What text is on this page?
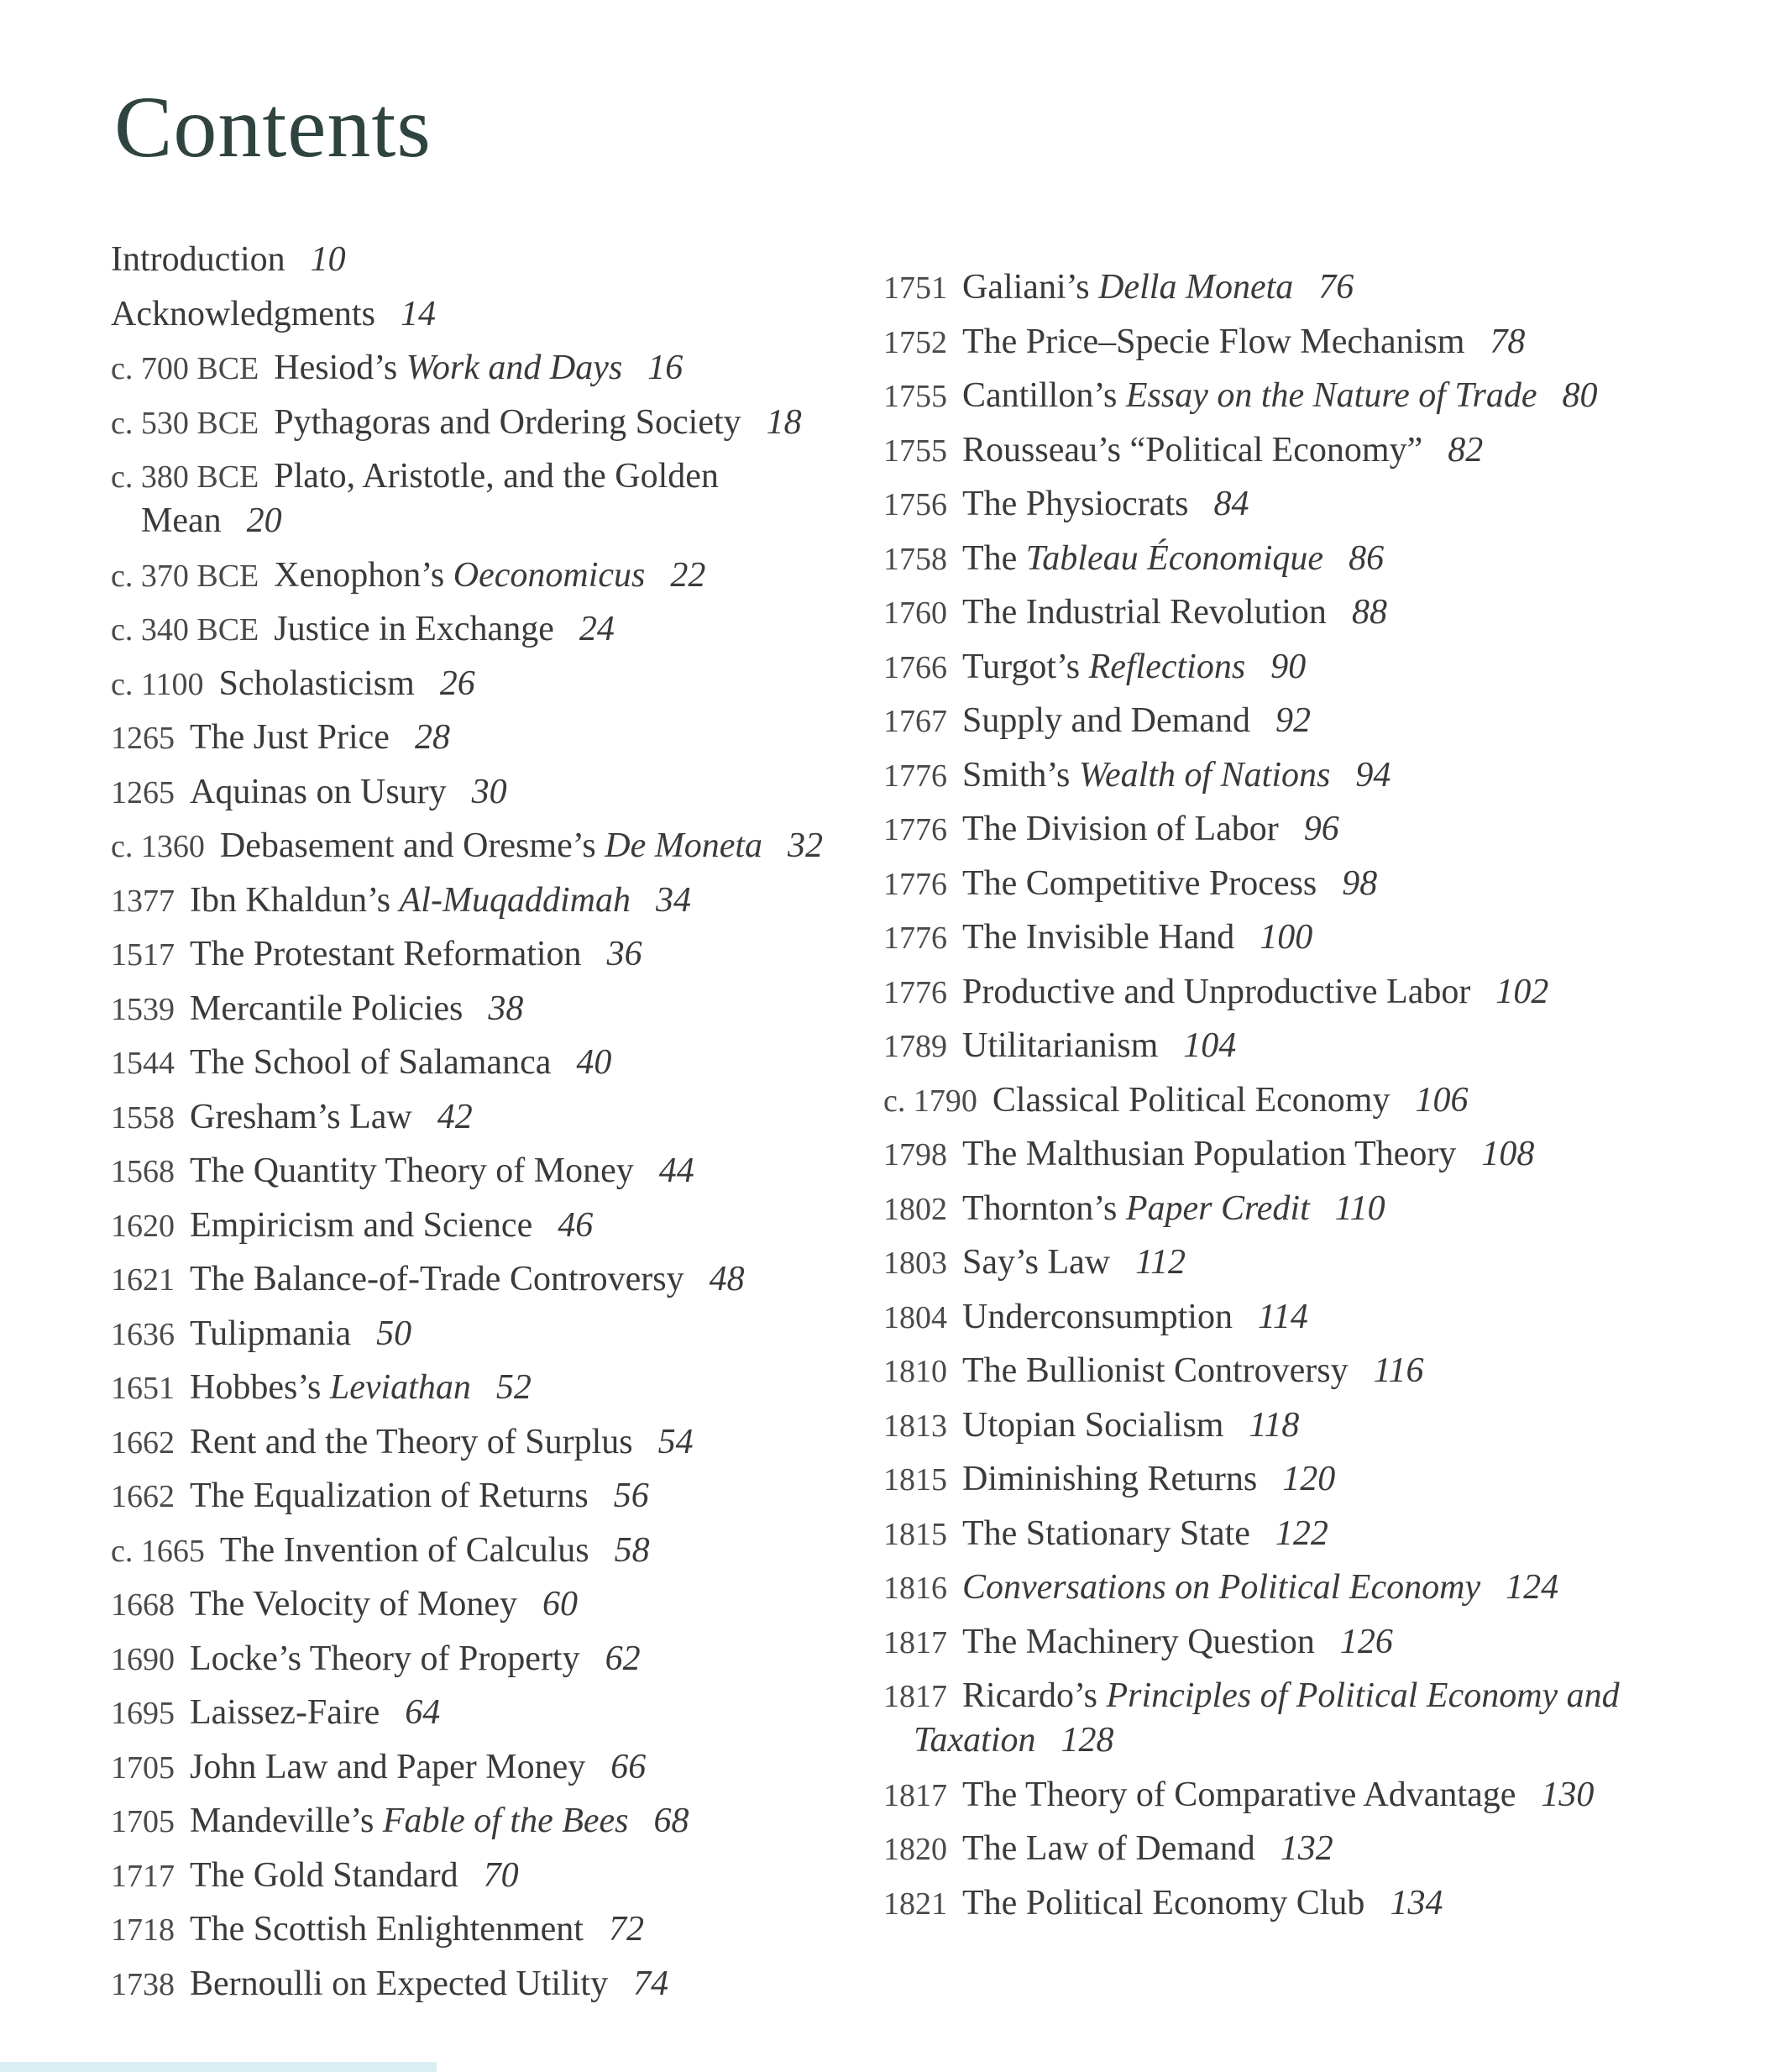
Contents
Introduction 10
Acknowledgments 14
c. 700 BCE Hesiod’s Work and Days 16
c. 530 BCE Pythagoras and Ordering Society 18
c. 380 BCE Plato, Aristotle, and the Golden Mean 20
c. 370 BCE Xenophon’s Oeconomicus 22
c. 340 BCE Justice in Exchange 24
c. 1100 Scholasticism 26
1265 The Just Price 28
1265 Aquinas on Usury 30
c. 1360 Debasement and Oresme’s De Moneta 32
1377 Ibn Khaldun’s Al-Muqaddimah 34
1517 The Protestant Reformation 36
1539 Mercantile Policies 38
1544 The School of Salamanca 40
1558 Gresham’s Law 42
1568 The Quantity Theory of Money 44
1620 Empiricism and Science 46
1621 The Balance-of-Trade Controversy 48
1636 Tulipmania 50
1651 Hobbes’s Leviathan 52
1662 Rent and the Theory of Surplus 54
1662 The Equalization of Returns 56
c. 1665 The Invention of Calculus 58
1668 The Velocity of Money 60
1690 Locke’s Theory of Property 62
1695 Laissez-Faire 64
1705 John Law and Paper Money 66
1705 Mandeville’s Fable of the Bees 68
1717 The Gold Standard 70
1718 The Scottish Enlightenment 72
1738 Bernoulli on Expected Utility 74
1751 Galiani’s Della Moneta 76
1752 The Price–Specie Flow Mechanism 78
1755 Cantillon’s Essay on the Nature of Trade 80
1755 Rousseau’s “Political Economy” 82
1756 The Physiocrats 84
1758 The Tableau Économique 86
1760 The Industrial Revolution 88
1766 Turgot’s Reflections 90
1767 Supply and Demand 92
1776 Smith’s Wealth of Nations 94
1776 The Division of Labor 96
1776 The Competitive Process 98
1776 The Invisible Hand 100
1776 Productive and Unproductive Labor 102
1789 Utilitarianism 104
c. 1790 Classical Political Economy 106
1798 The Malthusian Population Theory 108
1802 Thornton’s Paper Credit 110
1803 Say’s Law 112
1804 Underconsumption 114
1810 The Bullionist Controversy 116
1813 Utopian Socialism 118
1815 Diminishing Returns 120
1815 The Stationary State 122
1816 Conversations on Political Economy 124
1817 The Machinery Question 126
1817 Ricardo’s Principles of Political Economy and Taxation 128
1817 The Theory of Comparative Advantage 130
1820 The Law of Demand 132
1821 The Political Economy Club 134
